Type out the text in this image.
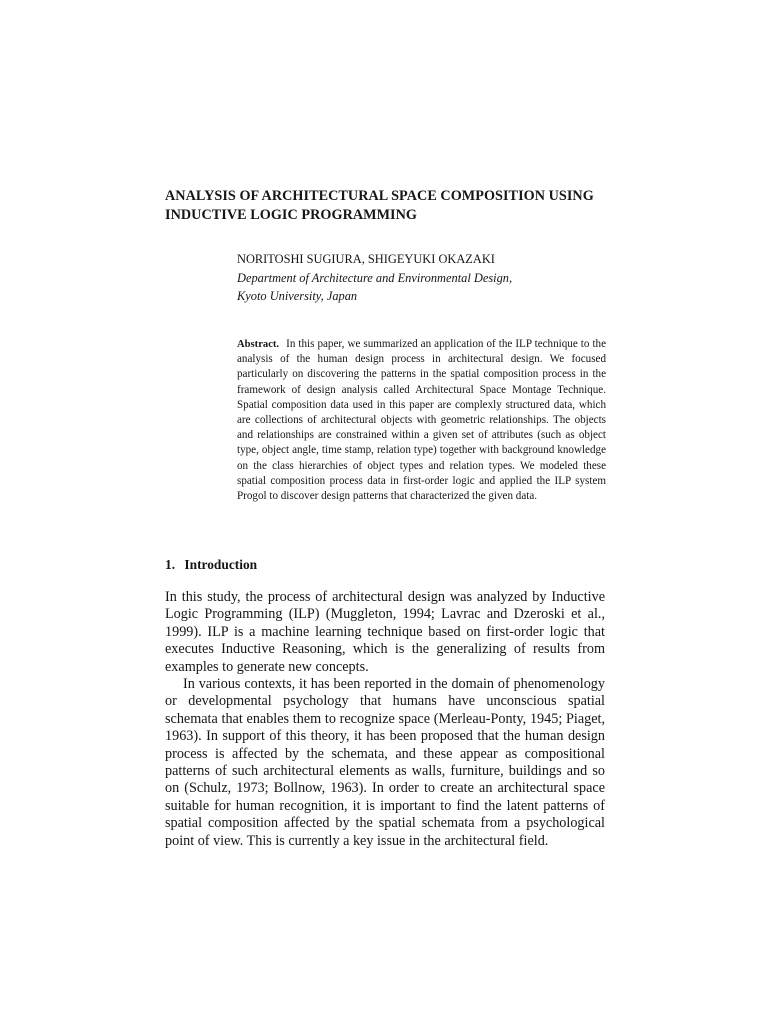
ANALYSIS OF ARCHITECTURAL SPACE COMPOSITION USING
INDUCTIVE LOGIC PROGRAMMING
NORITOSHI SUGIURA, SHIGEYUKI OKAZAKI
Department of Architecture and Environmental Design,
Kyoto University, Japan
Abstract. In this paper, we summarized an application of the ILP technique to the analysis of the human design process in architectural design. We focused particularly on discovering the patterns in the spatial composition process in the framework of design analysis called Architectural Space Montage Technique. Spatial composition data used in this paper are complexly structured data, which are collections of architectural objects with geometric relationships. The objects and relationships are constrained within a given set of attributes (such as object type, object angle, time stamp, relation type) together with background knowledge on the class hierarchies of object types and relation types. We modeled these spatial composition process data in first-order logic and applied the ILP system Progol to discover design patterns that characterized the given data.
1. Introduction

In this study, the process of architectural design was analyzed by Inductive Logic Programming (ILP) (Muggleton, 1994; Lavrac and Dzeroski et al., 1999). ILP is a machine learning technique based on first-order logic that executes Inductive Reasoning, which is the generalizing of results from examples to generate new concepts.

In various contexts, it has been reported in the domain of phenomenology or developmental psychology that humans have unconscious spatial schemata that enables them to recognize space (Merleau-Ponty, 1945; Piaget, 1963). In support of this theory, it has been proposed that the human design process is affected by the schemata, and these appear as compositional patterns of such architectural elements as walls, furniture, buildings and so on (Schulz, 1973; Bollnow, 1963). In order to create an architectural space suitable for human recognition, it is important to find the latent patterns of spatial composition affected by the spatial schemata from a psychological point of view. This is currently a key issue in the architectural field.
